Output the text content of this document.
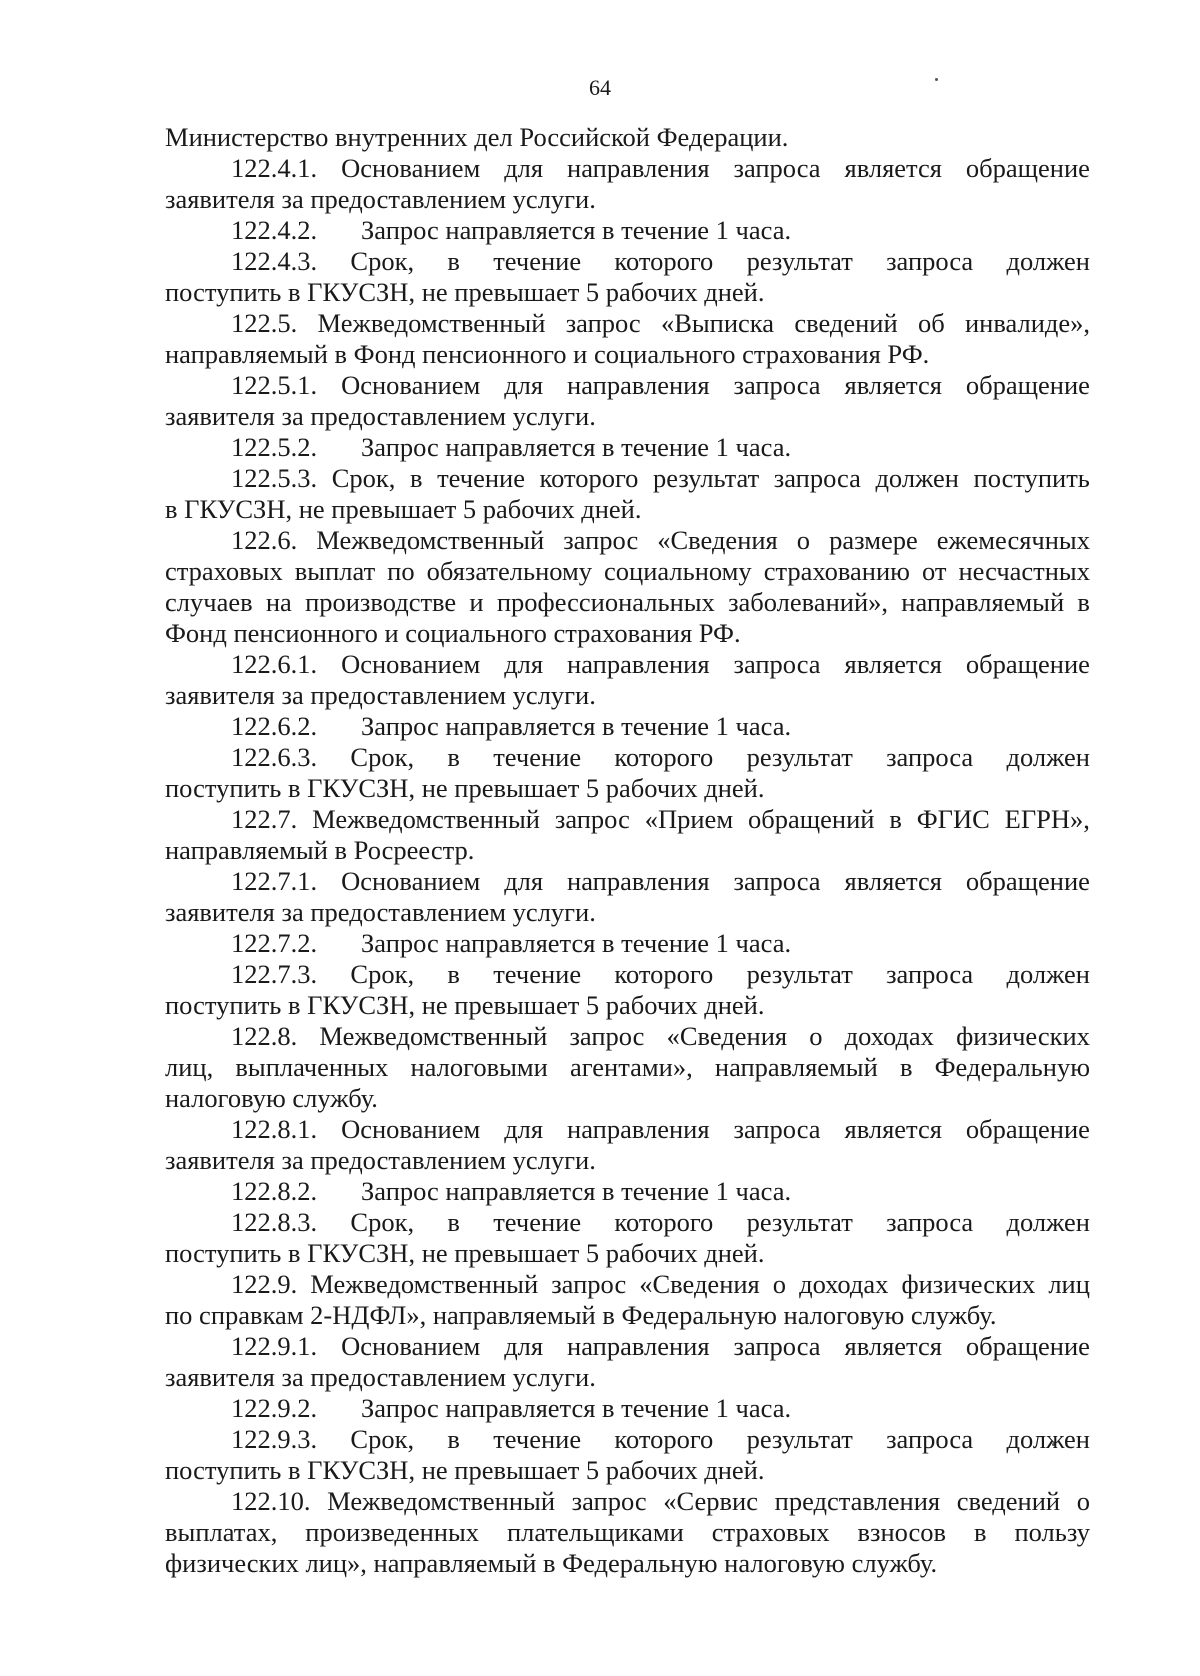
64
Министерство внутренних дел Российской Федерации.
122.4.1. Основанием для направления запроса является обращение
заявителя за предоставлением услуги.
122.4.2. Запрос направляется в течение 1 часа.
122.4.3. Срок, в течение которого результат запроса должен
поступить в ГКУСЗН, не превышает 5 рабочих дней.
122.5. Межведомственный запрос «Выписка сведений об инвалиде»,
направляемый в Фонд пенсионного и социального страхования РФ.
122.5.1. Основанием для направления запроса является обращение
заявителя за предоставлением услуги.
122.5.2. Запрос направляется в течение 1 часа.
122.5.3. Срок, в течение которого результат запроса должен поступить
в ГКУСЗН, не превышает 5 рабочих дней.
122.6. Межведомственный запрос «Сведения о размере ежемесячных
страховых выплат по обязательному социальному страхованию от несчастных
случаев на производстве и профессиональных заболеваний», направляемый в
Фонд пенсионного и социального страхования РФ.
122.6.1. Основанием для направления запроса является обращение
заявителя за предоставлением услуги.
122.6.2. Запрос направляется в течение 1 часа.
122.6.3. Срок, в течение которого результат запроса должен
поступить в ГКУСЗН, не превышает 5 рабочих дней.
122.7. Межведомственный запрос «Прием обращений в ФГИС ЕГРН»,
направляемый в Росреестр.
122.7.1. Основанием для направления запроса является обращение
заявителя за предоставлением услуги.
122.7.2. Запрос направляется в течение 1 часа.
122.7.3. Срок, в течение которого результат запроса должен
поступить в ГКУСЗН, не превышает 5 рабочих дней.
122.8. Межведомственный запрос «Сведения о доходах физических
лиц, выплаченных налоговыми агентами», направляемый в Федеральную
налоговую службу.
122.8.1. Основанием для направления запроса является обращение
заявителя за предоставлением услуги.
122.8.2. Запрос направляется в течение 1 часа.
122.8.3. Срок, в течение которого результат запроса должен
поступить в ГКУСЗН, не превышает 5 рабочих дней.
122.9. Межведомственный запрос «Сведения о доходах физических лиц
по справкам 2-НДФЛ», направляемый в Федеральную налоговую службу.
122.9.1. Основанием для направления запроса является обращение
заявителя за предоставлением услуги.
122.9.2. Запрос направляется в течение 1 часа.
122.9.3. Срок, в течение которого результат запроса должен
поступить в ГКУСЗН, не превышает 5 рабочих дней.
122.10. Межведомственный запрос «Сервис представления сведений о
выплатах, произведенных плательщиками страховых взносов в пользу
физических лиц», направляемый в Федеральную налоговую службу.
